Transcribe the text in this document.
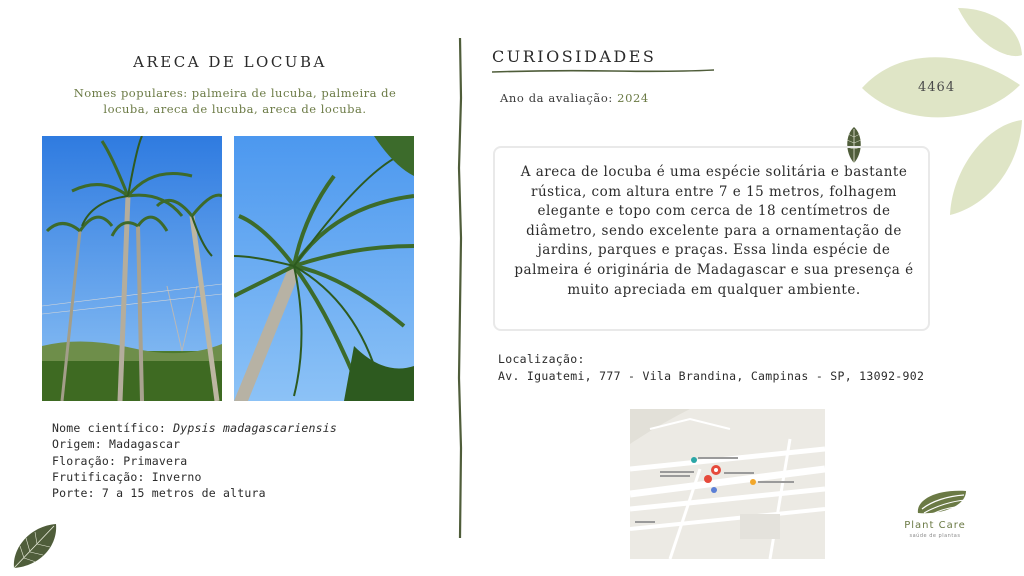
ARECA DE LOCUBA
Nomes populares: palmeira de lucuba, palmeira de locuba, areca de lucuba, areca de locuba.
Nome científico: Dypsis madagascariensis
Origem: Madagascar
Floração: Primavera
Frutificação: Inverno
Porte: 7 a 15 metros de altura
CURIOSIDADES
Ano da avaliação: 2024
A areca de locuba é uma espécie solitária e bastante rústica, com altura entre 7 e 15 metros, folhagem elegante e topo com cerca de 18 centímetros de diâmetro, sendo excelente para a ornamentação de jardins, parques e praças. Essa linda espécie de palmeira é originária de Madagascar e sua presença é muito apreciada em qualquer ambiente.
Localização:
Av. Iguatemi, 777 - Vila Brandina, Campinas - SP, 13092-902
4464
Plant Care
saúde de plantas
